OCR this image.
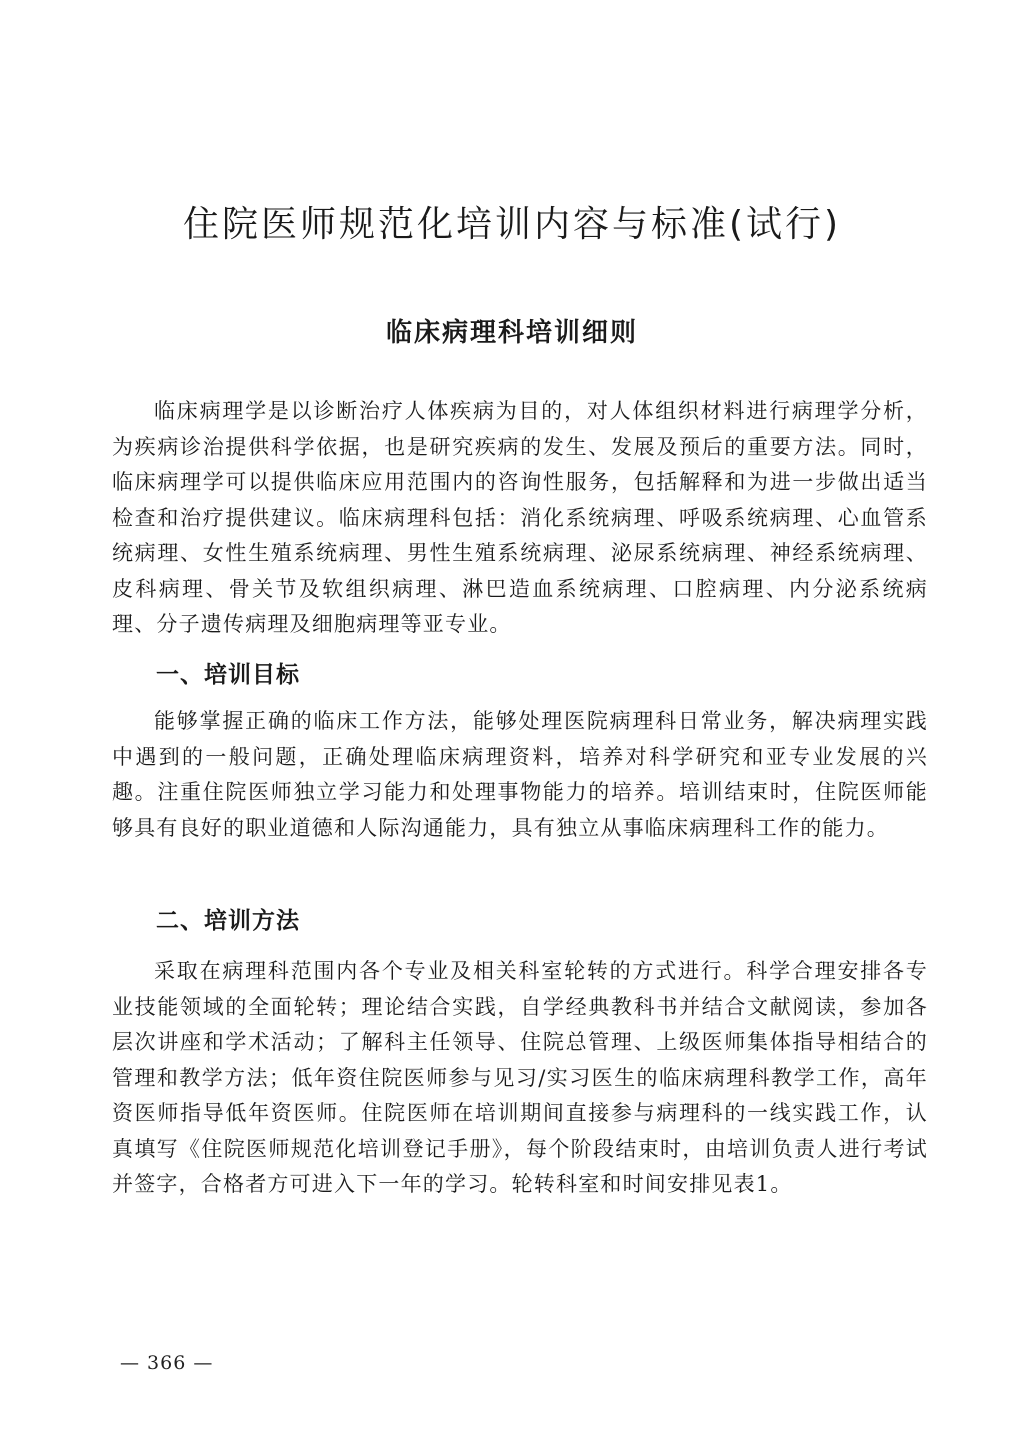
住院医师规范化培训内容与标准(试行)
临床病理科培训细则

临床病理学是以诊断治疗人体疾病为目的，对人体组织材料进行病理学分析，为疾病诊治提供科学依据，也是研究疾病的发生、发展及预后的重要方法。同时，临床病理学可以提供临床应用范围内的咨询性服务，包括解释和为进一步做出适当检查和治疗提供建议。临床病理科包括：消化系统病理、呼吸系统病理、心血管系统病理、女性生殖系统病理、男性生殖系统病理、泌尿系统病理、神经系统病理、皮科病理、骨关节及软组织病理、淋巴造血系统病理、口腔病理、内分泌系统病理、分子遗传病理及细胞病理等亚专业。

一、培训目标

能够掌握正确的临床工作方法，能够处理医院病理科日常业务，解决病理实践中遇到的一般问题，正确处理临床病理资料，培养对科学研究和亚专业发展的兴趣。注重住院医师独立学习能力和处理事物能力的培养。培训结束时，住院医师能够具有良好的职业道德和人际沟通能力，具有独立从事临床病理科工作的能力。

二、培训方法

采取在病理科范围内各个专业及相关科室轮转的方式进行。科学合理安排各专业技能领域的全面轮转；理论结合实践，自学经典教科书并结合文献阅读，参加各层次讲座和学术活动；了解科主任领导、住院总管理、上级医师集体指导相结合的管理和教学方法；低年资住院医师参与见习/实习医生的临床病理科教学工作，高年资医师指导低年资医师。住院医师在培训期间直接参与病理科的一线实践工作，认真填写《住院医师规范化培训登记手册》，每个阶段结束时，由培训负责人进行考试并签字，合格者方可进入下一年的学习。轮转科室和时间安排见表1。

— 366 —
